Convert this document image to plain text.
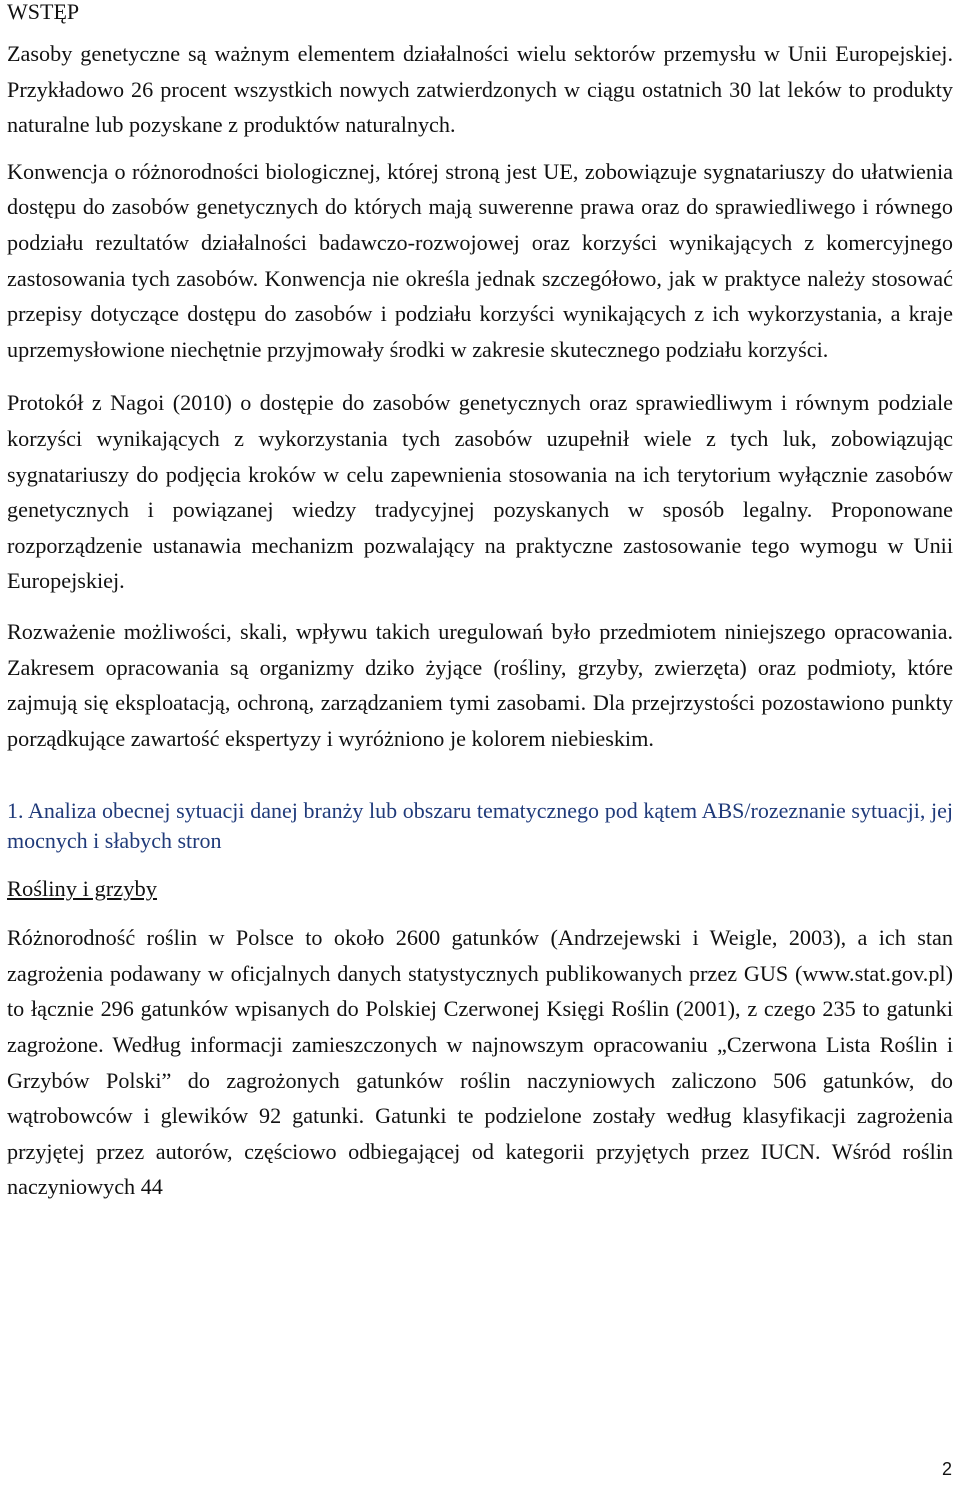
WSTĘP

Zasoby genetyczne są ważnym elementem działalności wielu sektorów przemysłu w Unii Europejskiej. Przykładowo 26 procent wszystkich nowych zatwierdzonych w ciągu ostatnich 30 lat leków to produkty naturalne lub pozyskane z produktów naturalnych.

Konwencja o różnorodności biologicznej, której stroną jest UE, zobowiązuje sygnatariuszy do ułatwienia dostępu do zasobów genetycznych do których mają suwerenne prawa oraz do sprawiedliwego i równego podziału rezultatów działalności badawczo-rozwojowej oraz korzyści wynikających z komercyjnego zastosowania tych zasobów. Konwencja nie określa jednak szczegółowo, jak w praktyce należy stosować przepisy dotyczące dostępu do zasobów i podziału korzyści wynikających z ich wykorzystania, a kraje uprzemysłowione niechętnie przyjmowały środki w zakresie skutecznego podziału korzyści.

Protokół z Nagoi (2010) o dostępie do zasobów genetycznych oraz sprawiedliwym i równym podziale korzyści wynikających z wykorzystania tych zasobów uzupełnił wiele z tych luk, zobowiązując sygnatariuszy do podjęcia kroków w celu zapewnienia stosowania na ich terytorium wyłącznie zasobów genetycznych i powiązanej wiedzy tradycyjnej pozyskanych w sposób legalny. Proponowane rozporządzenie ustanawia mechanizm pozwalający na praktyczne zastosowanie tego wymogu w Unii Europejskiej.

Rozważenie możliwości, skali, wpływu takich uregulowań było przedmiotem niniejszego opracowania. Zakresem opracowania są organizmy dziko żyjące (rośliny, grzyby, zwierzęta) oraz podmioty, które zajmują się eksploatacją, ochroną, zarządzaniem tymi zasobami. Dla przejrzystości pozostawiono punkty porządkujące zawartość ekspertyzy i wyróżniono je kolorem niebieskim.

1. Analiza obecnej sytuacji danej branży lub obszaru tematycznego pod kątem ABS/rozeznanie sytuacji, jej mocnych i słabych stron
Rośliny i grzyby

Różnorodność roślin w Polsce to około 2600 gatunków (Andrzejewski i Weigle, 2003), a ich stan zagrożenia podawany w oficjalnych danych statystycznych publikowanych przez GUS (www.stat.gov.pl) to łącznie 296 gatunków wpisanych do Polskiej Czerwonej Księgi Roślin (2001), z czego 235 to gatunki zagrożone. Według informacji zamieszczonych w najnowszym opracowaniu „Czerwona Lista Roślin i Grzybów Polski” do zagrożonych gatunków roślin naczyniowych zaliczono 506 gatunków, do wątrobowców i glewików 92 gatunki. Gatunki te podzielone zostały według klasyfikacji zagrożenia przyjętej przez autorów, częściowo odbiegającej od kategorii przyjętych przez IUCN. Wśród roślin naczyniowych 44

2
